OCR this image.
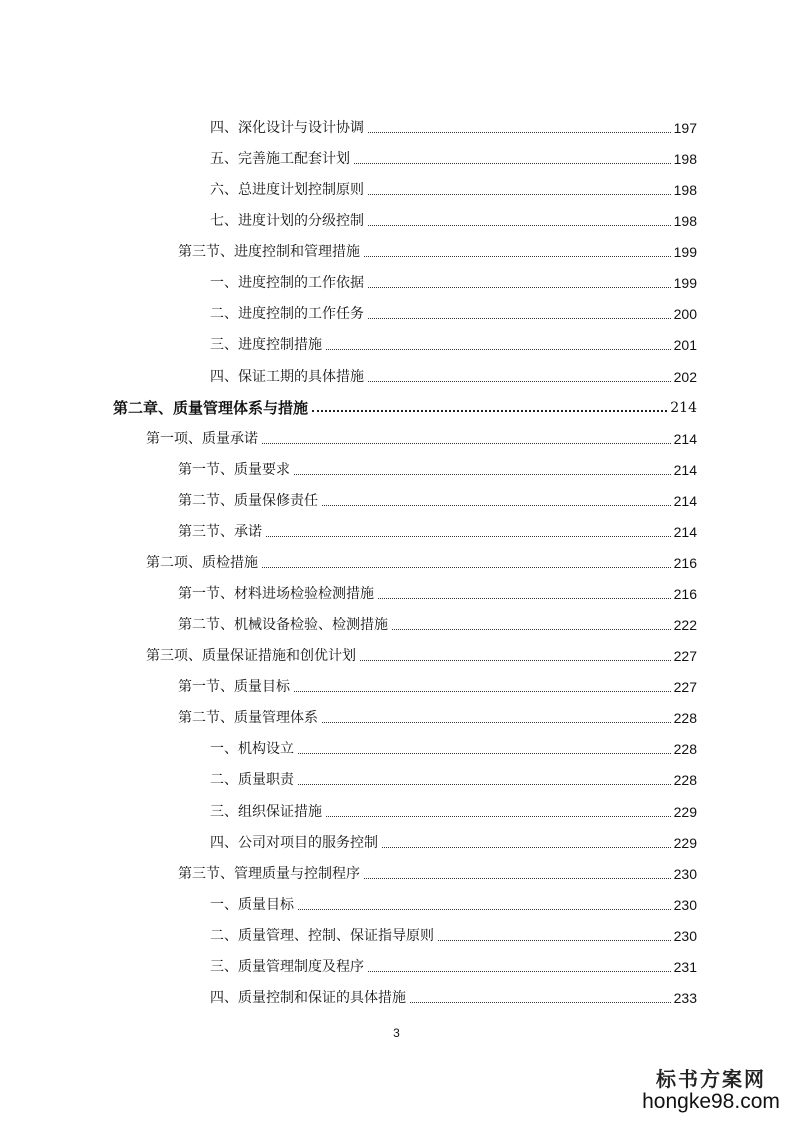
四、深化设计与设计协调	197
五、完善施工配套计划	198
六、总进度计划控制原则	198
七、进度计划的分级控制	198
第三节、进度控制和管理措施	199
一、进度控制的工作依据	199
二、进度控制的工作任务	200
三、进度控制措施	201
四、保证工期的具体措施	202
第二章、质量管理体系与措施	214
第一项、质量承诺	214
第一节、质量要求	214
第二节、质量保修责任	214
第三节、承诺	214
第二项、质检措施	216
第一节、材料进场检验检测措施	216
第二节、机械设备检验、检测措施	222
第三项、质量保证措施和创优计划	227
第一节、质量目标	227
第二节、质量管理体系	228
一、机构设立	228
二、质量职责	228
三、组织保证措施	229
四、公司对项目的服务控制	229
第三节、管理质量与控制程序	230
一、质量目标	230
二、质量管理、控制、保证指导原则	230
三、质量管理制度及程序	231
四、质量控制和保证的具体措施	233
3
标书方案网
hongke98.com
